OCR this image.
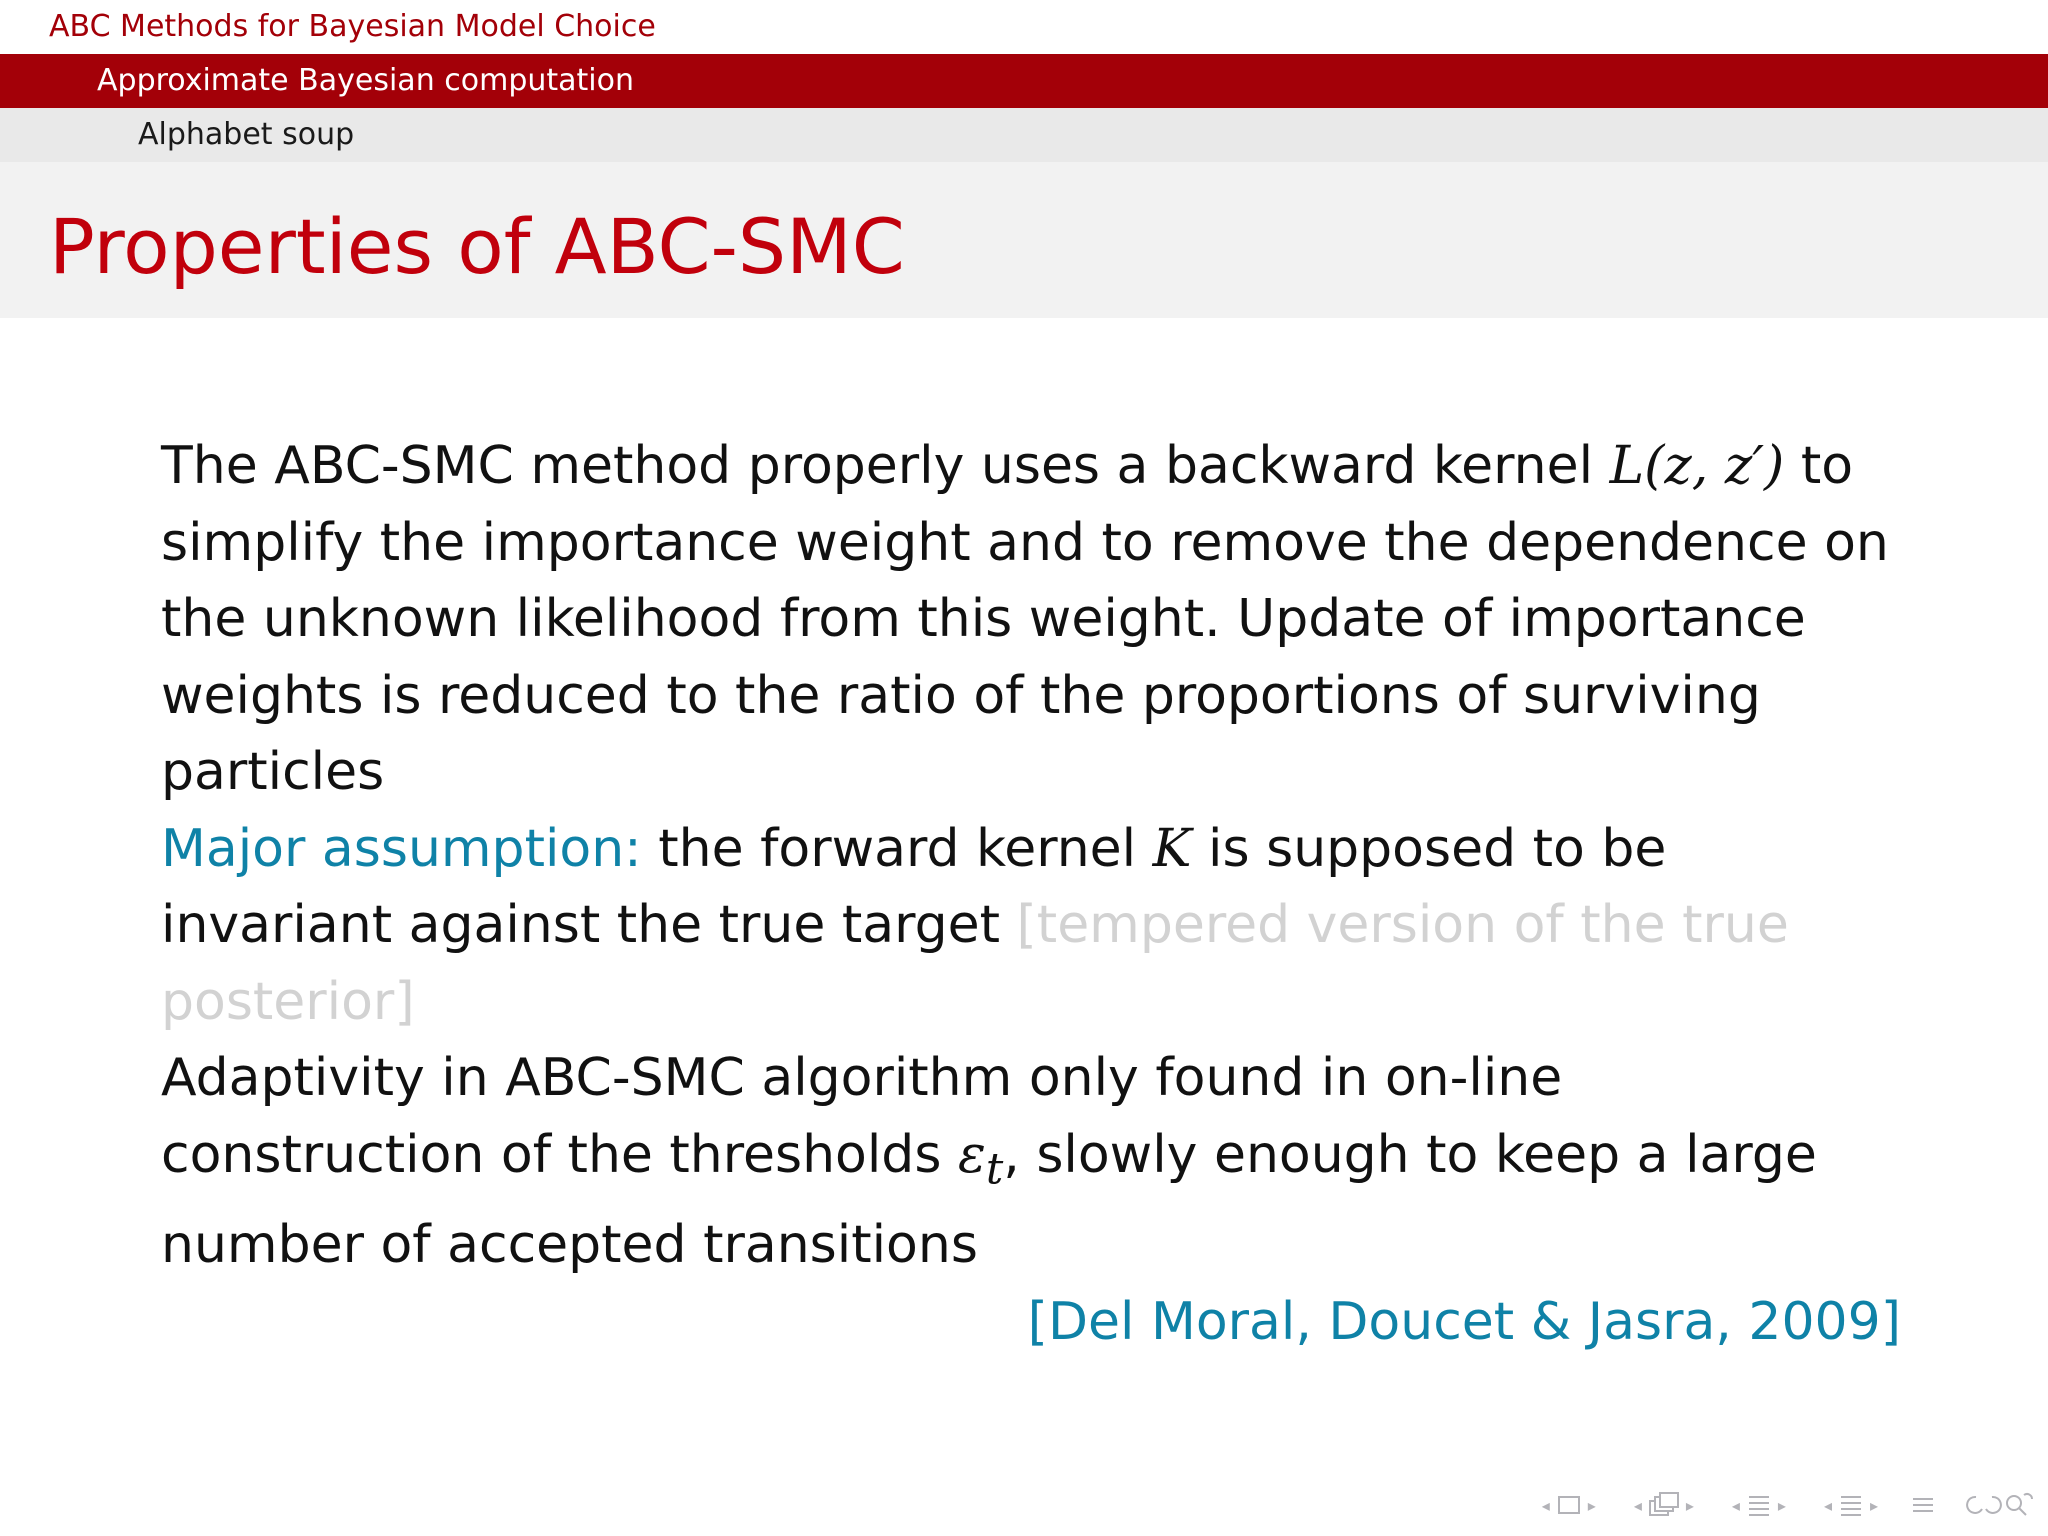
ABC Methods for Bayesian Model Choice
Approximate Bayesian computation
Alphabet soup
Properties of ABC-SMC

The ABC-SMC method properly uses a backward kernel L(z, z′) to simplify the importance weight and to remove the dependence on the unknown likelihood from this weight. Update of importance weights is reduced to the ratio of the proportions of surviving particles

Major assumption: the forward kernel K is supposed to be invariant against the true target [tempered version of the true posterior]

Adaptivity in ABC-SMC algorithm only found in on-line construction of the thresholds $\varepsilon_t$, slowly enough to keep a large number of accepted transitions

[Del Moral, Doucet & Jasra, 2009]

◂	▸	◂	▸	◂	▸	◂	▸
